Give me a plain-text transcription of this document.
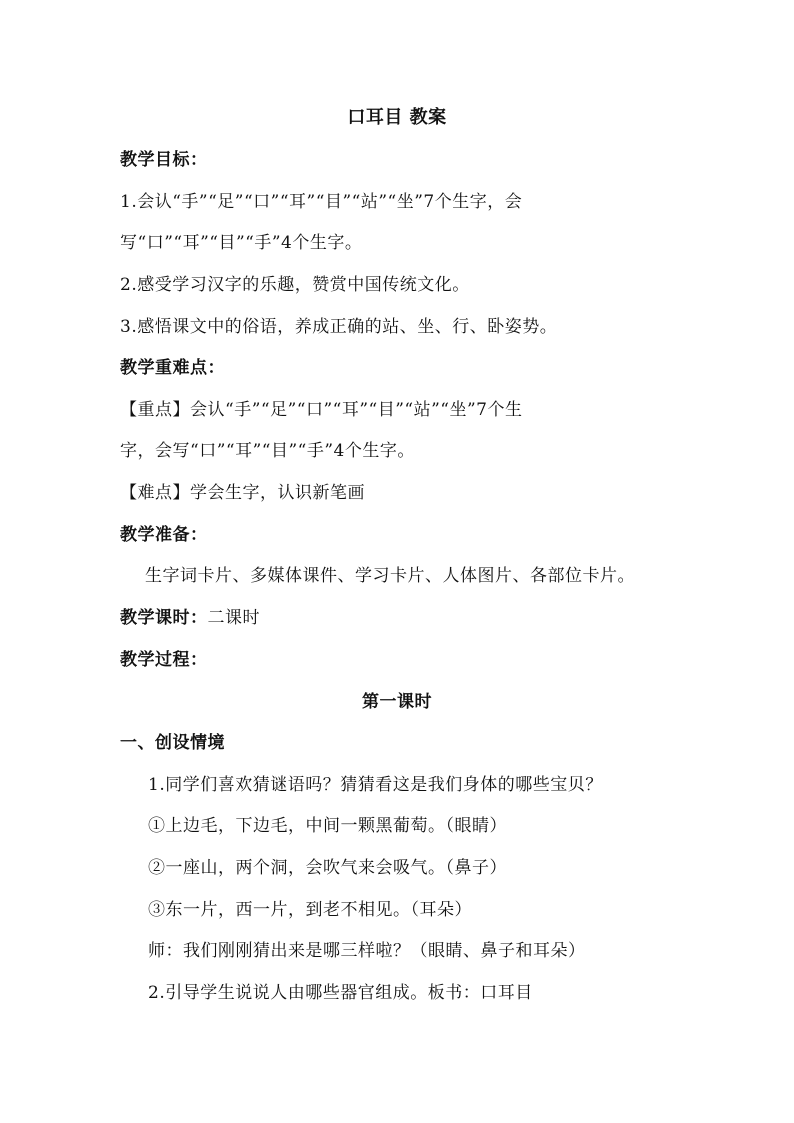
口耳目 教案
教学目标：
1.会认“手”“足”“口”“耳”“目”“站”“坐”7个生字，会
写“口”“耳”“目”“手”4个生字。
2.感受学习汉字的乐趣，赞赏中国传统文化。
3.感悟课文中的俗语，养成正确的站、坐、行、卧姿势。
教学重难点：
【重点】会认“手”“足”“口”“耳”“目”“站”“坐”7个生
字，会写“口”“耳”“目”“手”4个生字。
【难点】学会生字，认识新笔画
教学准备：
生字词卡片、多媒体课件、学习卡片、人体图片、各部位卡片。
教学课时：二课时
教学过程：
第一课时
一、创设情境
1.同学们喜欢猜谜语吗？猜猜看这是我们身体的哪些宝贝？
①上边毛，下边毛，中间一颗黑葡萄。（眼睛）
②一座山，两个洞，会吹气来会吸气。（鼻子）
③东一片，西一片，到老不相见。（耳朵）
师：我们刚刚猜出来是哪三样啦？（眼睛、鼻子和耳朵）
2.引导学生说说人由哪些器官组成。板书：口耳目
